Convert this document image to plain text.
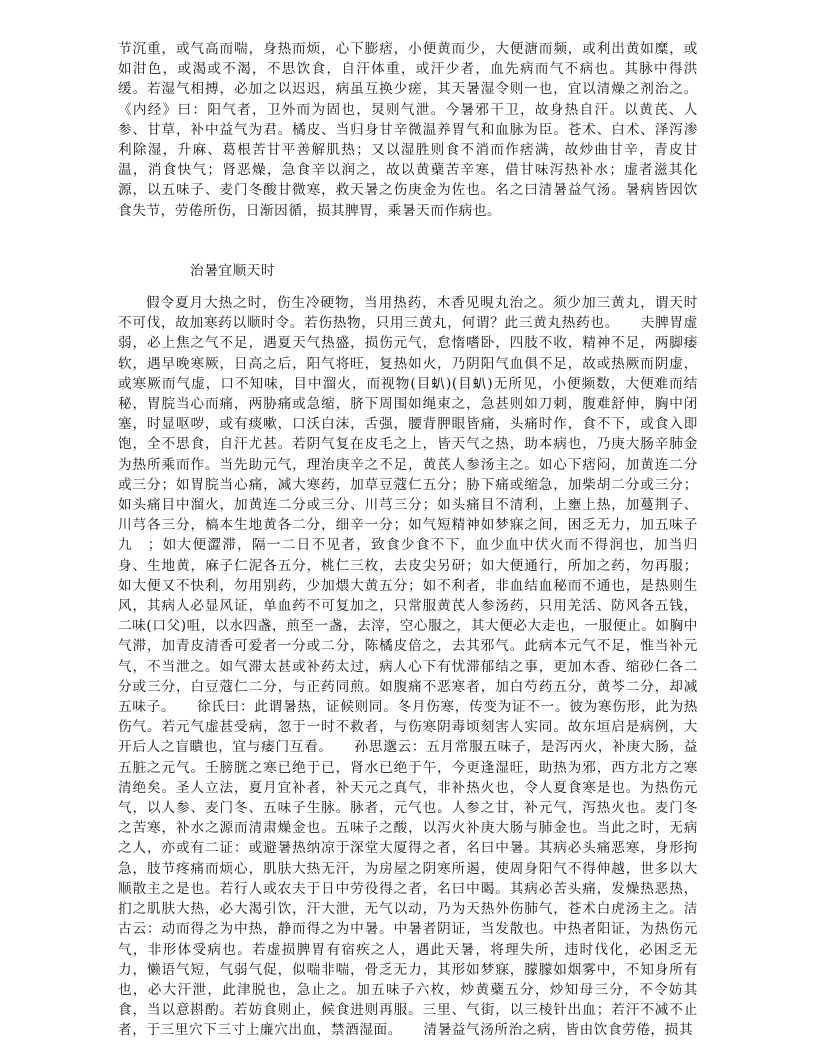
节沉重，或气高而喘，身热而烦，心下膨痞，小便黄而少，大便溏而频，或利出黄如糜，或如泔色，或渴或不渴，不思饮食，自汗体重，或汗少者，血先病而气不病也。其脉中得洪缓。若湿气相搏，必加之以迟迟，病虽互换少瘥，其天暑湿令则一也，宜以清燥之剂治之。《内经》曰：阳气者，卫外而为固也，炅则气泄。今暑邪干卫，故身热自汗。以黄芪、人参、甘草，补中益气为君。橘皮、当归身甘辛微温养胃气和血脉为臣。苍术、白术、泽泻渗利除湿，升麻、葛根苦甘平善解肌热；又以湿胜则食不消而作痞满，故炒曲甘辛，青皮甘温，消食快气；肾恶燥，急食辛以润之，故以黄蘗苦辛寒，借甘味泻热补水；虚者滋其化源，以五味子、麦门冬酸甘微寒，救天暑之伤庚金为佐也。名之曰清暑益气汤。暑病皆因饮食失节，劳倦所伤，日渐因循，损其脾胃，乘暑天而作病也。

治暑宜顺天时

假令夏月大热之时，伤生冷硬物，当用热药，木香见晛丸治之。须少加三黄丸，谓天时不可伐，故加寒药以顺时令。若伤热物，只用三黄丸，何谓？此三黄丸热药也。　　夫脾胃虚弱，必上焦之气不足，遇夏天气热盛，损伤元气，怠惰嗜卧，四肢不收，精神不足，两脚痿软，遇早晚寒厥，日高之后，阳气将旺，复热如火，乃阴阳气血俱不足，故或热厥而阴虚，或寒厥而气虚，口不知味，目中溜火，而视物(目𧈢)(目𧈢)无所见，小便频数，大便难而结秘，胃脘当心而痛，两胁痛或急缩，脐下周围如绳束之，急甚则如刀刺，腹难舒伸，胸中闭塞，时显呕哕，或有痰嗽，口沃白沫，舌强，腰背胛眼皆痛，头痛时作，食不下，或食入即饱，全不思食，自汗尤甚。若阴气复在皮毛之上，皆天气之热，助本病也，乃庚大肠辛肺金为热所乘而作。当先助元气，理治庚辛之不足，黄芪人参汤主之。如心下痞闷，加黄连二分或三分；如胃脘当心痛，减大寒药，加草豆蔻仁五分；胁下痛或缩急，加柴胡二分或三分；如头痛目中溜火，加黄连二分或三分、川芎三分；如头痛目不清利，上壅上热，加蔓荆子、川芎各三分，槁本生地黄各二分，细辛一分；如气短精神如梦寐之间，困乏无力，加五味子九　；如大便澀滞，隔一二日不见者，致食少食不下，血少血中伏火而不得润也，加当归身、生地黄，麻子仁泥各五分，桃仁三枚，去皮尖另研；如大便通行，所加之药，勿再服；如大便又不快利，勿用别药，少加煨大黄五分；如不利者，非血结血秘而不通也，是热则生风，其病人必显风证，单血药不可复加之，只常服黄芪人参汤药，只用羌活、防风各五钱，二味(口父)咀，以水四盏，煎至一盏，去滓，空心服之，其大便必大走也，一服便止。如胸中气滞，加青皮清香可爱者一分或二分，陈橘皮倍之，去其邪气。此病本元气不足，惟当补元气，不当泄之。如气滞太甚或补药太过，病人心下有忧滞郁结之事，更加木香、缩砂仁各二分或三分，白豆蔻仁二分，与正药同煎。如腹痛不恶寒者，加白芍药五分，黄芩二分，却减五味子。　　徐氏曰：此谓暑热，证候则同。冬月伤寒，传变为证不一。彼为寒伤形，此为热伤气。若元气虚甚受病，忽于一时不救者，与伤寒阴毒顷刻害人实同。故东垣启是病例，大开后人之盲瞶也，宜与痿门互看。　　孙思邈云：五月常服五味子，是泻丙火，补庚大肠，益五脏之元气。壬膀胱之寒已绝于已，肾水已绝于午，今更逢湿旺，助热为邪，西方北方之寒清绝矣。圣人立法，夏月宜补者，补天元之真气，非补热火也，令人夏食寒是也。为热伤元气，以人参、麦门冬、五味子生脉。脉者，元气也。人参之甘，补元气，泻热火也。麦门冬之苦寒，补水之源而清肃燥金也。五味子之酸，以泻火补庚大肠与肺金也。当此之时，无病之人，亦或有二证：或避暑热纳凉于深堂大厦得之者，名曰中暑。其病必头痛恶寒，身形拘急，肢节疼痛而烦心，肌肤大热无汗，为房屋之阴寒所遏，使周身阳气不得伸越，世多以大顺散主之是也。若行人或农夫于日中劳役得之者，名曰中暍。其病必苦头痛，发燥热恶热，扪之肌肤大热，必大渴引饮，汗大泄，无气以动，乃为天热外伤肺气，苍术白虎汤主之。洁古云：动而得之为中热，静而得之为中暑。中暑者阴证，当发散也。中热者阳证，为热伤元气，非形体受病也。若虚损脾胃有宿疾之人，遇此天暑，将理失所，违时伐化，必困乏无力，懒语气短，气弱气促，似喘非喘，骨乏无力，其形如梦寐，朦朦如烟雾中，不知身所有也，必大汗泄，此津脱也，急止之。加五味子六枚，炒黄蘗五分，炒知母三分，不令妨其食，当以意斟酌。若妨食则止，候食进则再服。三里、气街，以三棱针出血；若汗不减不止者，于三里穴下三寸上廉穴出血，禁酒湿面。　　清暑益气汤所治之病，皆由饮食劳倦，损其
